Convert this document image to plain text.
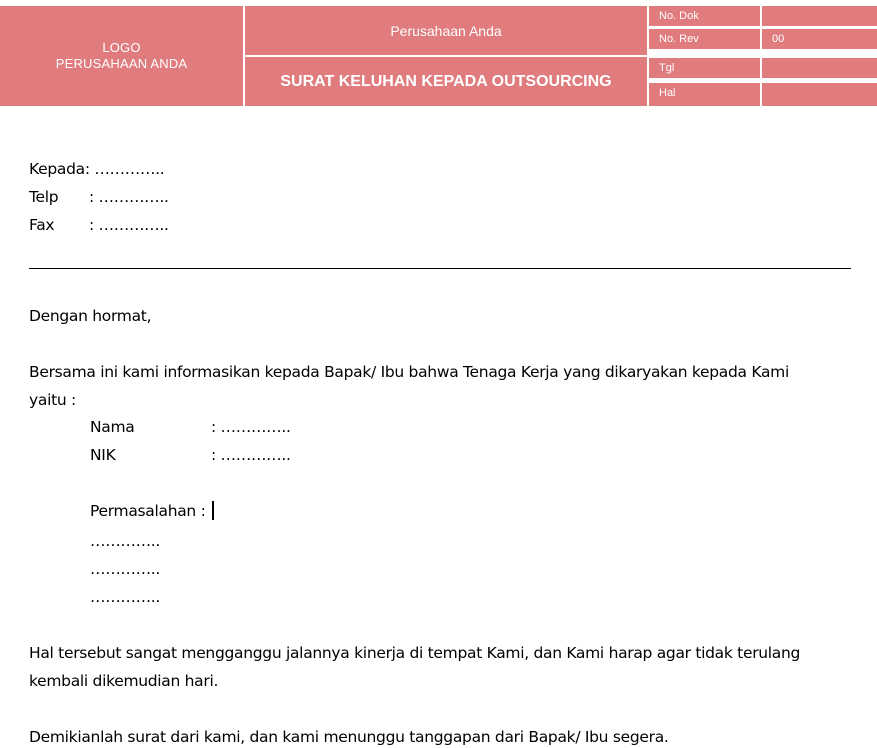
LOGO
PERUSAHAAN ANDA
Perusahaan Anda
SURAT KELUHAN KEPADA OUTSOURCING
No. Dok
No. Rev	00
Tgl
Hal
Kepada: …………..
Telp : …………..
Fax : …………..
Dengan hormat,
Bersama ini kami informasikan kepada Bapak/ Ibu bahwa Tenaga Kerja yang dikaryakan kepada Kami
yaitu :
Nama	: …………..
NIK	: …………..
Permasalahan :
…………..
…………..
…………..
Hal tersebut sangat mengganggu jalannya kinerja di tempat Kami, dan Kami harap agar tidak terulang
kembali dikemudian hari.
Demikianlah surat dari kami, dan kami menunggu tanggapan dari Bapak/ Ibu segera.
